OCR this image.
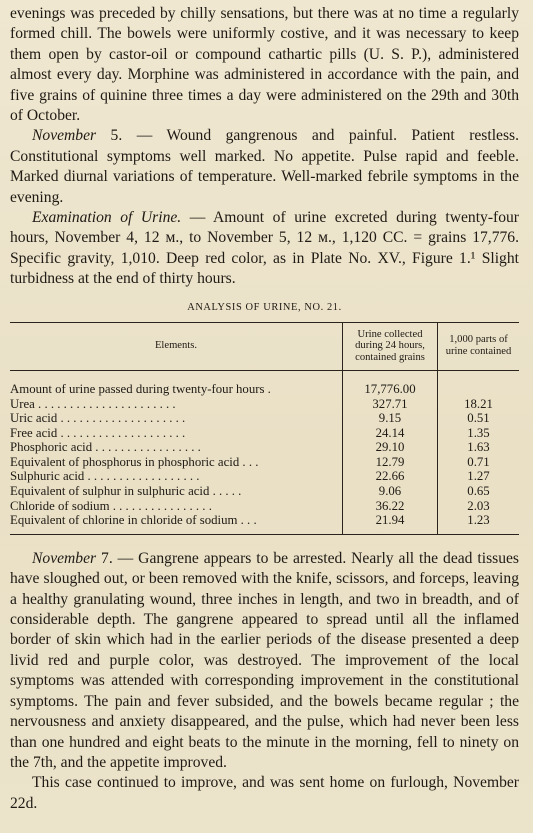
evenings was preceded by chilly sensations, but there was at no time a regularly formed chill. The bowels were uniformly costive, and it was necessary to keep them open by castor-oil or compound cathartic pills (U. S. P.), administered almost every day. Morphine was administered in accordance with the pain, and five grains of quinine three times a day were administered on the 29th and 30th of October.

November 5. — Wound gangrenous and painful. Patient restless. Constitutional symptoms well marked. No appetite. Pulse rapid and feeble. Marked diurnal variations of temperature. Well-marked febrile symptoms in the evening.

Examination of Urine. — Amount of urine excreted during twenty-four hours, November 4, 12 м., to November 5, 12 м., 1,120 CC. = grains 17,776. Specific gravity, 1,010. Deep red color, as in Plate No. XV., Figure 1.¹ Slight turbidness at the end of thirty hours.

ANALYSIS OF URINE, NO. 21.
Elements.	Urine collected during 24 hours, contained grains	1,000 parts of urine contained

Amount of urine passed during twenty-four hours .	17,776.00	
Urea . . . . . . . . . . . . . . . . . . . . . .	327.71	18.21
Uric acid . . . . . . . . . . . . . . . . . . . .	9.15	0.51
Free acid . . . . . . . . . . . . . . . . . . . .	24.14	1.35
Phosphoric acid . . . . . . . . . . . . . . . . .	29.10	1.63
Equivalent of phosphorus in phosphoric acid . . .	12.79	0.71
Sulphuric acid . . . . . . . . . . . . . . . . . .	22.66	1.27
Equivalent of sulphur in sulphuric acid . . . . .	9.06	0.65
Chloride of sodium . . . . . . . . . . . . . . . .	36.22	2.03
Equivalent of chlorine in chloride of sodium . . .	21.94	1.23

November 7. — Gangrene appears to be arrested. Nearly all the dead tissues have sloughed out, or been removed with the knife, scissors, and forceps, leaving a healthy granulating wound, three inches in length, and two in breadth, and of considerable depth. The gangrene appeared to spread until all the inflamed border of skin which had in the earlier periods of the disease presented a deep livid red and purple color, was destroyed. The improvement of the local symptoms was attended with corresponding improvement in the constitutional symptoms. The pain and fever subsided, and the bowels became regular ; the nervousness and anxiety disappeared, and the pulse, which had never been less than one hundred and eight beats to the minute in the morning, fell to ninety on the 7th, and the appetite improved.

This case continued to improve, and was sent home on furlough, November 22d.
